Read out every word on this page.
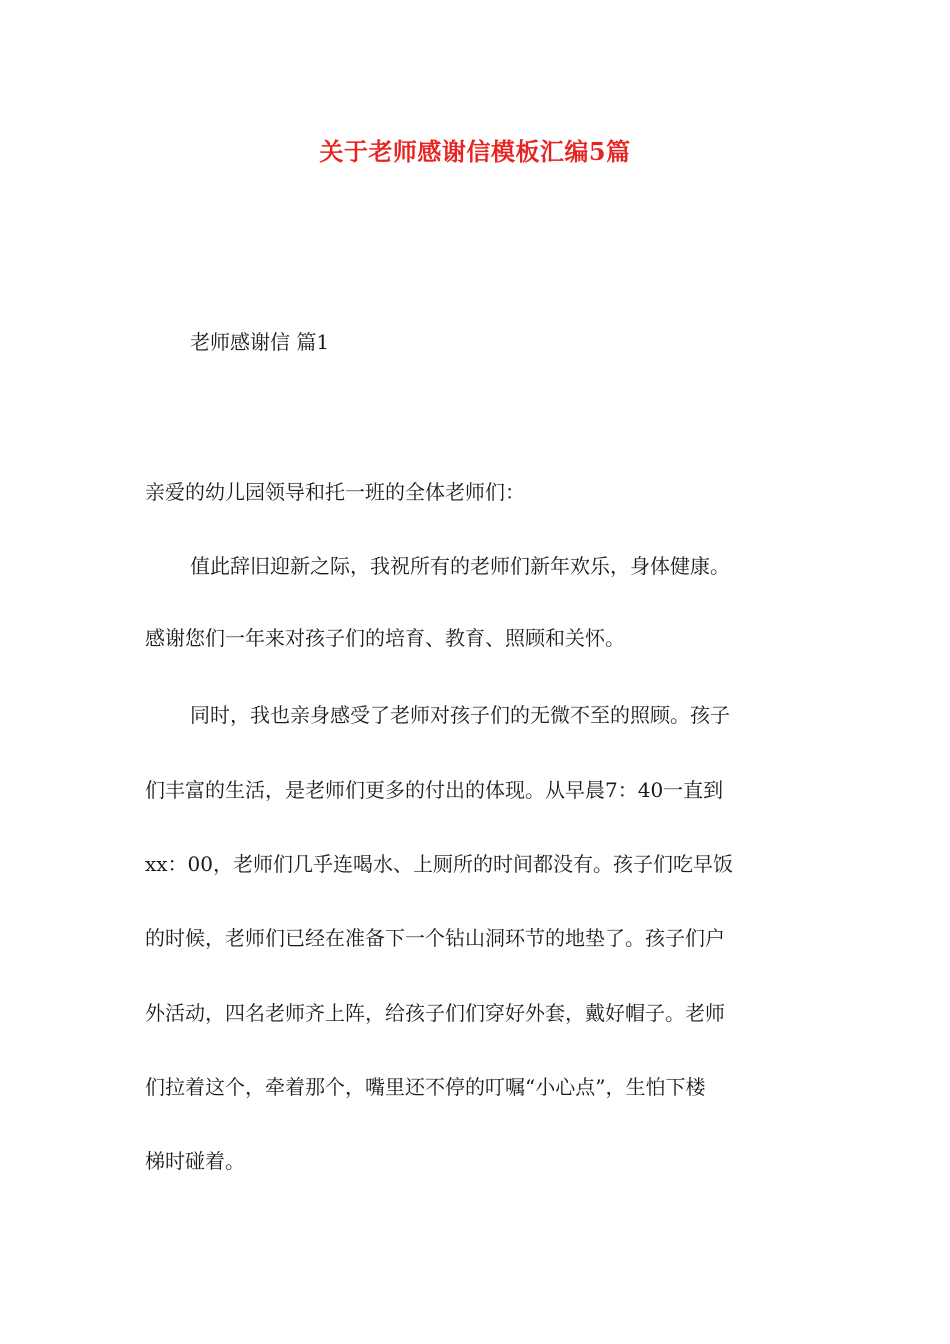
关于老师感谢信模板汇编5篇
老师感谢信 篇1
亲爱的幼儿园领导和托一班的全体老师们：
值此辞旧迎新之际，我祝所有的老师们新年欢乐，身体健康。
感谢您们一年来对孩子们的培育、教育、照顾和关怀。
同时，我也亲身感受了老师对孩子们的无微不至的照顾。孩子
们丰富的生活，是老师们更多的付出的体现。从早晨7：40一直到
xx：00，老师们几乎连喝水、上厕所的时间都没有。孩子们吃早饭
的时候，老师们已经在准备下一个钻山洞环节的地垫了。孩子们户
外活动，四名老师齐上阵，给孩子们们穿好外套，戴好帽子。老师
们拉着这个，牵着那个，嘴里还不停的叮嘱“小心点”，生怕下楼
梯时碰着。
